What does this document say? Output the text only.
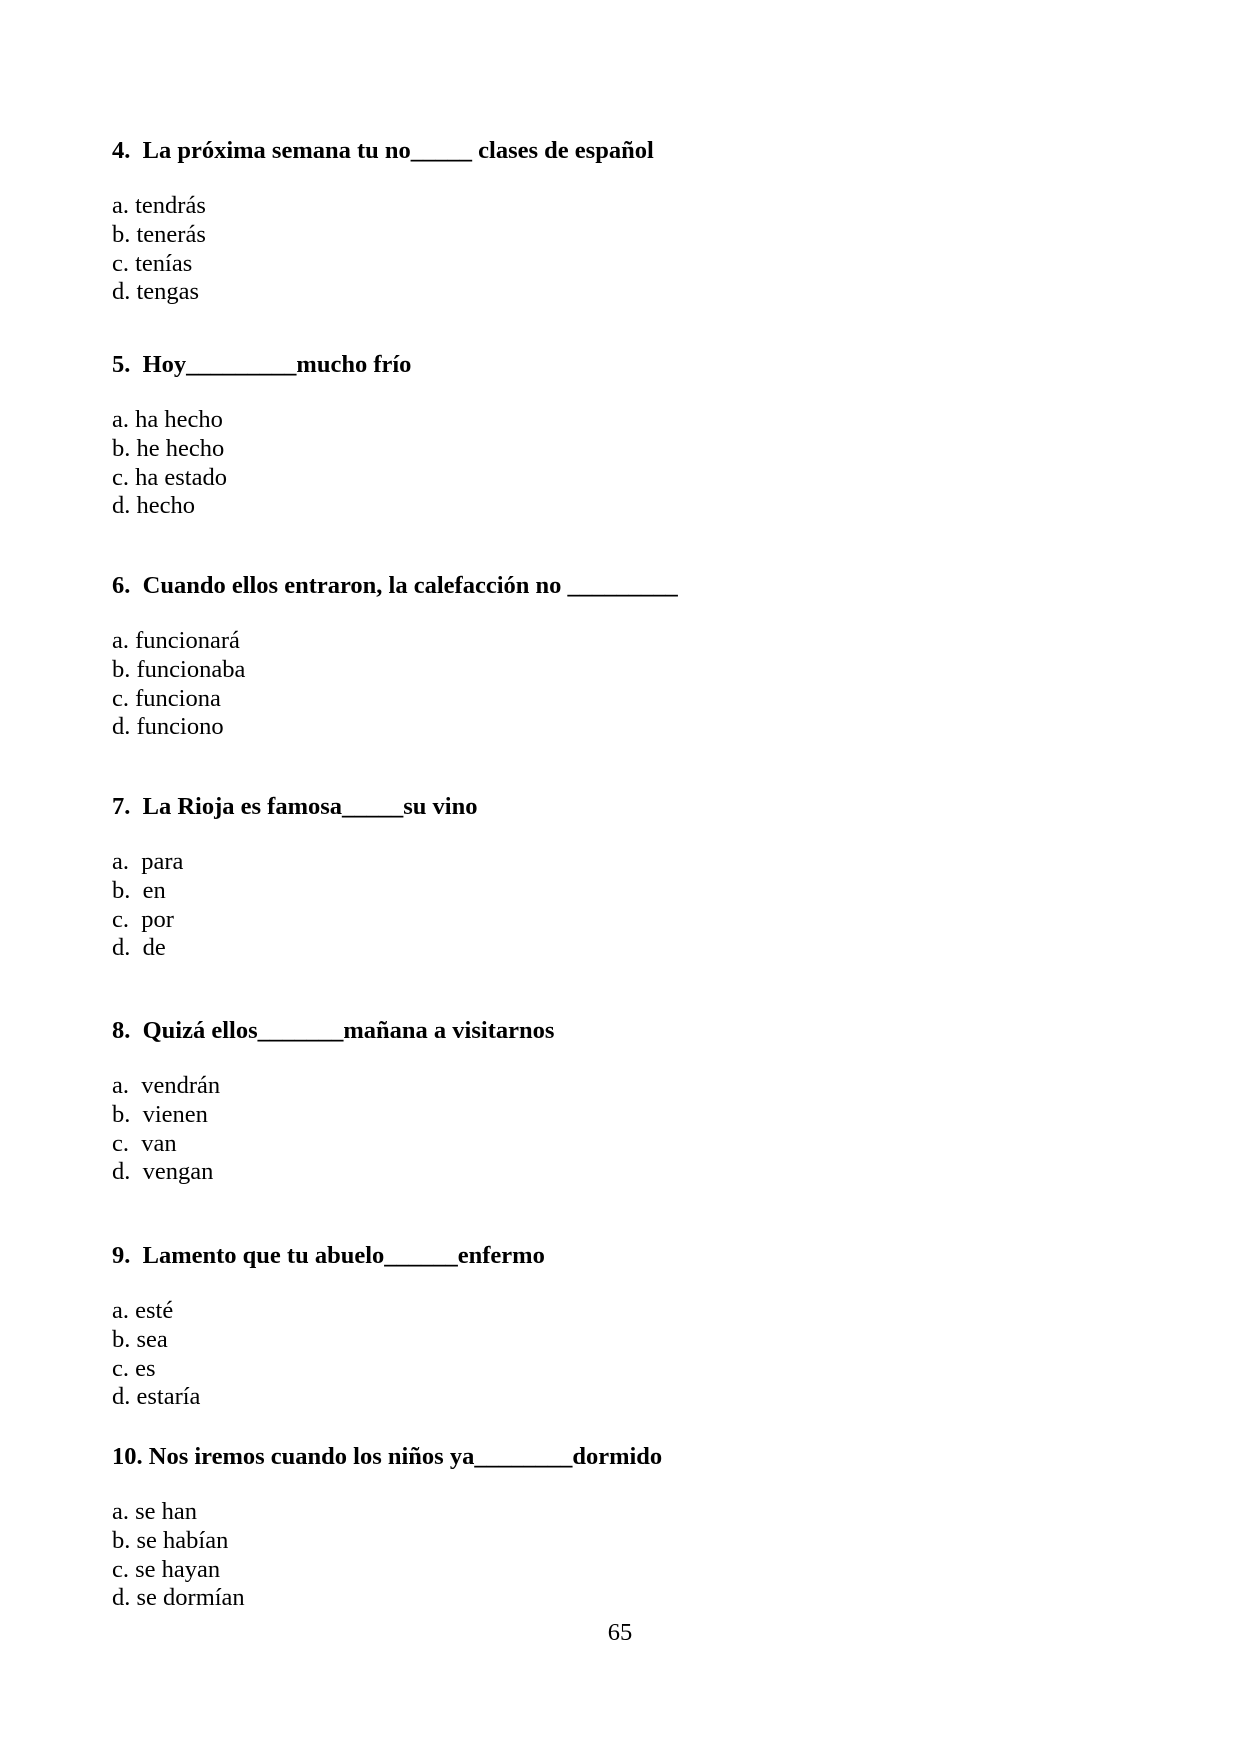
4.  La próxima semana tu no_____ clases de español

a. tendrás
b. tenerás
c. tenías
d. tengas

5.  Hoy_________mucho frío

a. ha hecho
b. he hecho
c. ha estado
d. hecho

6.  Cuando ellos entraron, la calefacción no _________

a. funcionará
b. funcionaba
c. funciona
d. funciono

7.  La Rioja es famosa_____su vino

a.  para
b.  en
c.  por
d.  de

8.  Quizá ellos_______mañana a visitarnos

a.  vendrán
b.  vienen
c.  van
d.  vengan

9.  Lamento que tu abuelo______enfermo

a. esté
b. sea
c. es
d. estaría

10. Nos iremos cuando los niños ya________dormido

a. se han
b. se habían
c. se hayan
d. se dormían
65
